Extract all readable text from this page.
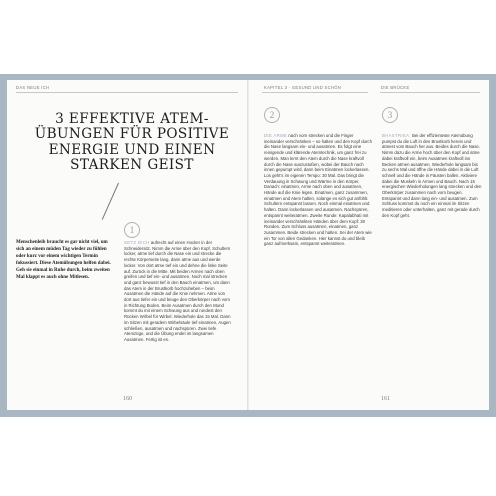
DAS NEUE ICH	KAPITEL 3 · GESUND UND SCHÖN	DIE BRÜCKE
3 EFFEKTIVE ATEM-
ÜBUNGEN FÜR POSITIVE
ENERGIE UND EINEN
STARKEN GEIST
Menschenleib braucht es gar nicht viel, um sich an einem müden Tag wieder zu fühlen oder kurz vor einem wichtigen Termin fokussiert. Diese Atemübungen helfen dabei. Geh sie einmal in Ruhe durch, beim zweiten Mal klappt es auch ohne Mitlesen.
1
SETZ DICH aufrecht auf einen Hocker in der Schneidersitz. Nimm die Arme über den Kopf. Schultern locker, atme tief durch die Nase ein und strecke die rechte Körperseite lang, dann atme aus und werde locker. Von dort atme tief ein und dehne die linke Seite auf. Zurück in die Mitte. Mit beiden Armen nach oben greifen und tief ein- und ausatmen. Noch mal strecken und ganz bewusst tief in den Bauch einatmen, um dann das Atem in der Brustkorb hochzuheben – beim Ausatmen die Hände auf die Knie nehmen. Atme von dort aus tiefer ein und beuge den Oberkörper nach vorn in Richtung Boden. Beim Ausatmen durch den Mund kommt du mit einem Schwung aus und rundest den Rücken Wirbel für Wirbel. Wiederhole das 15 Mal. Dann im Sitzen mit geradem Wirbelsäule tief einatmen, Augen schließen, ausatmen und nachspüren. Zwei tiefe Atemzüge, und die Übung endet im langsamen Ausatmen. Fertig ist es.
2
DIE ARME nach vorn strecken und die Finger ineinander verschränken – so halten und den Kopf durch die Nase langsam ein- und ausatmen. Es folgt eine reinigende und klärende Atemtechnik, um ganz frei zu werden. Man lernt den Atem durch die Nase kraftvoll durch die Nase auszustoßen, wobei der Bauch nach innen gepumpt wird, dann beim Einatmen lockerlassen. Los geht's im eigenen Tempo: 30 Mal. Das bringt die Verdauung in Schwung und Wärme in den Körper. Danach: einatmen, Arme nach oben und ausatmen, Hände auf die Knie legen. Einatmen, ganz zusammen, einatmen und Atem halten, solange es sich gut anfühlt. Schultern entspannt lassen. Noch einmal einatmen und halten. Dann lockerlassen und ausatmen. Nachspüren, entspannt weiteratmen. Zweite Runde: Kapalabhati mit ineinander verschränkten Händen über dem Kopf: 30 Runden. Zum Schluss ausatmen, einatmen, ganz zusammen. Beide strecken und halten. Sei der Atem wie ein Tor von allen Gedanken. Hier kannst du und bleib ganz aufmerksam, entspannt weiteratmen.
3
BHASTRIKA: Bei der effizienteste Atemübung pumpst du die Luft in den Brustkorb herein und atmest vom Bauch her aus. Beides durch die Nase. Nimm dazu die Arme hoch über den Kopf und atme dabei kraftvoll ein, beim Ausatmen kraftvoll ins Becken atmen ausatmen. Wiederhole langsam bis zu sechs Mal und öffne die Hände dabei in die Luft schnell und die Hände in Fäusten ballen. Aktiviere dabei die Muskeln in Armen und Bauch. Nach 15 energischen Wiederholungen lang strecken und den Oberkörper zusammen nach vorn beugen. Entspannt und dann lang ein- und ausatmen. Zum Schluss kommst du noch ein einmal im Sitzen meditieren oder unterhalten, ganz mit gerade durch den Kopf geht.
160	161
